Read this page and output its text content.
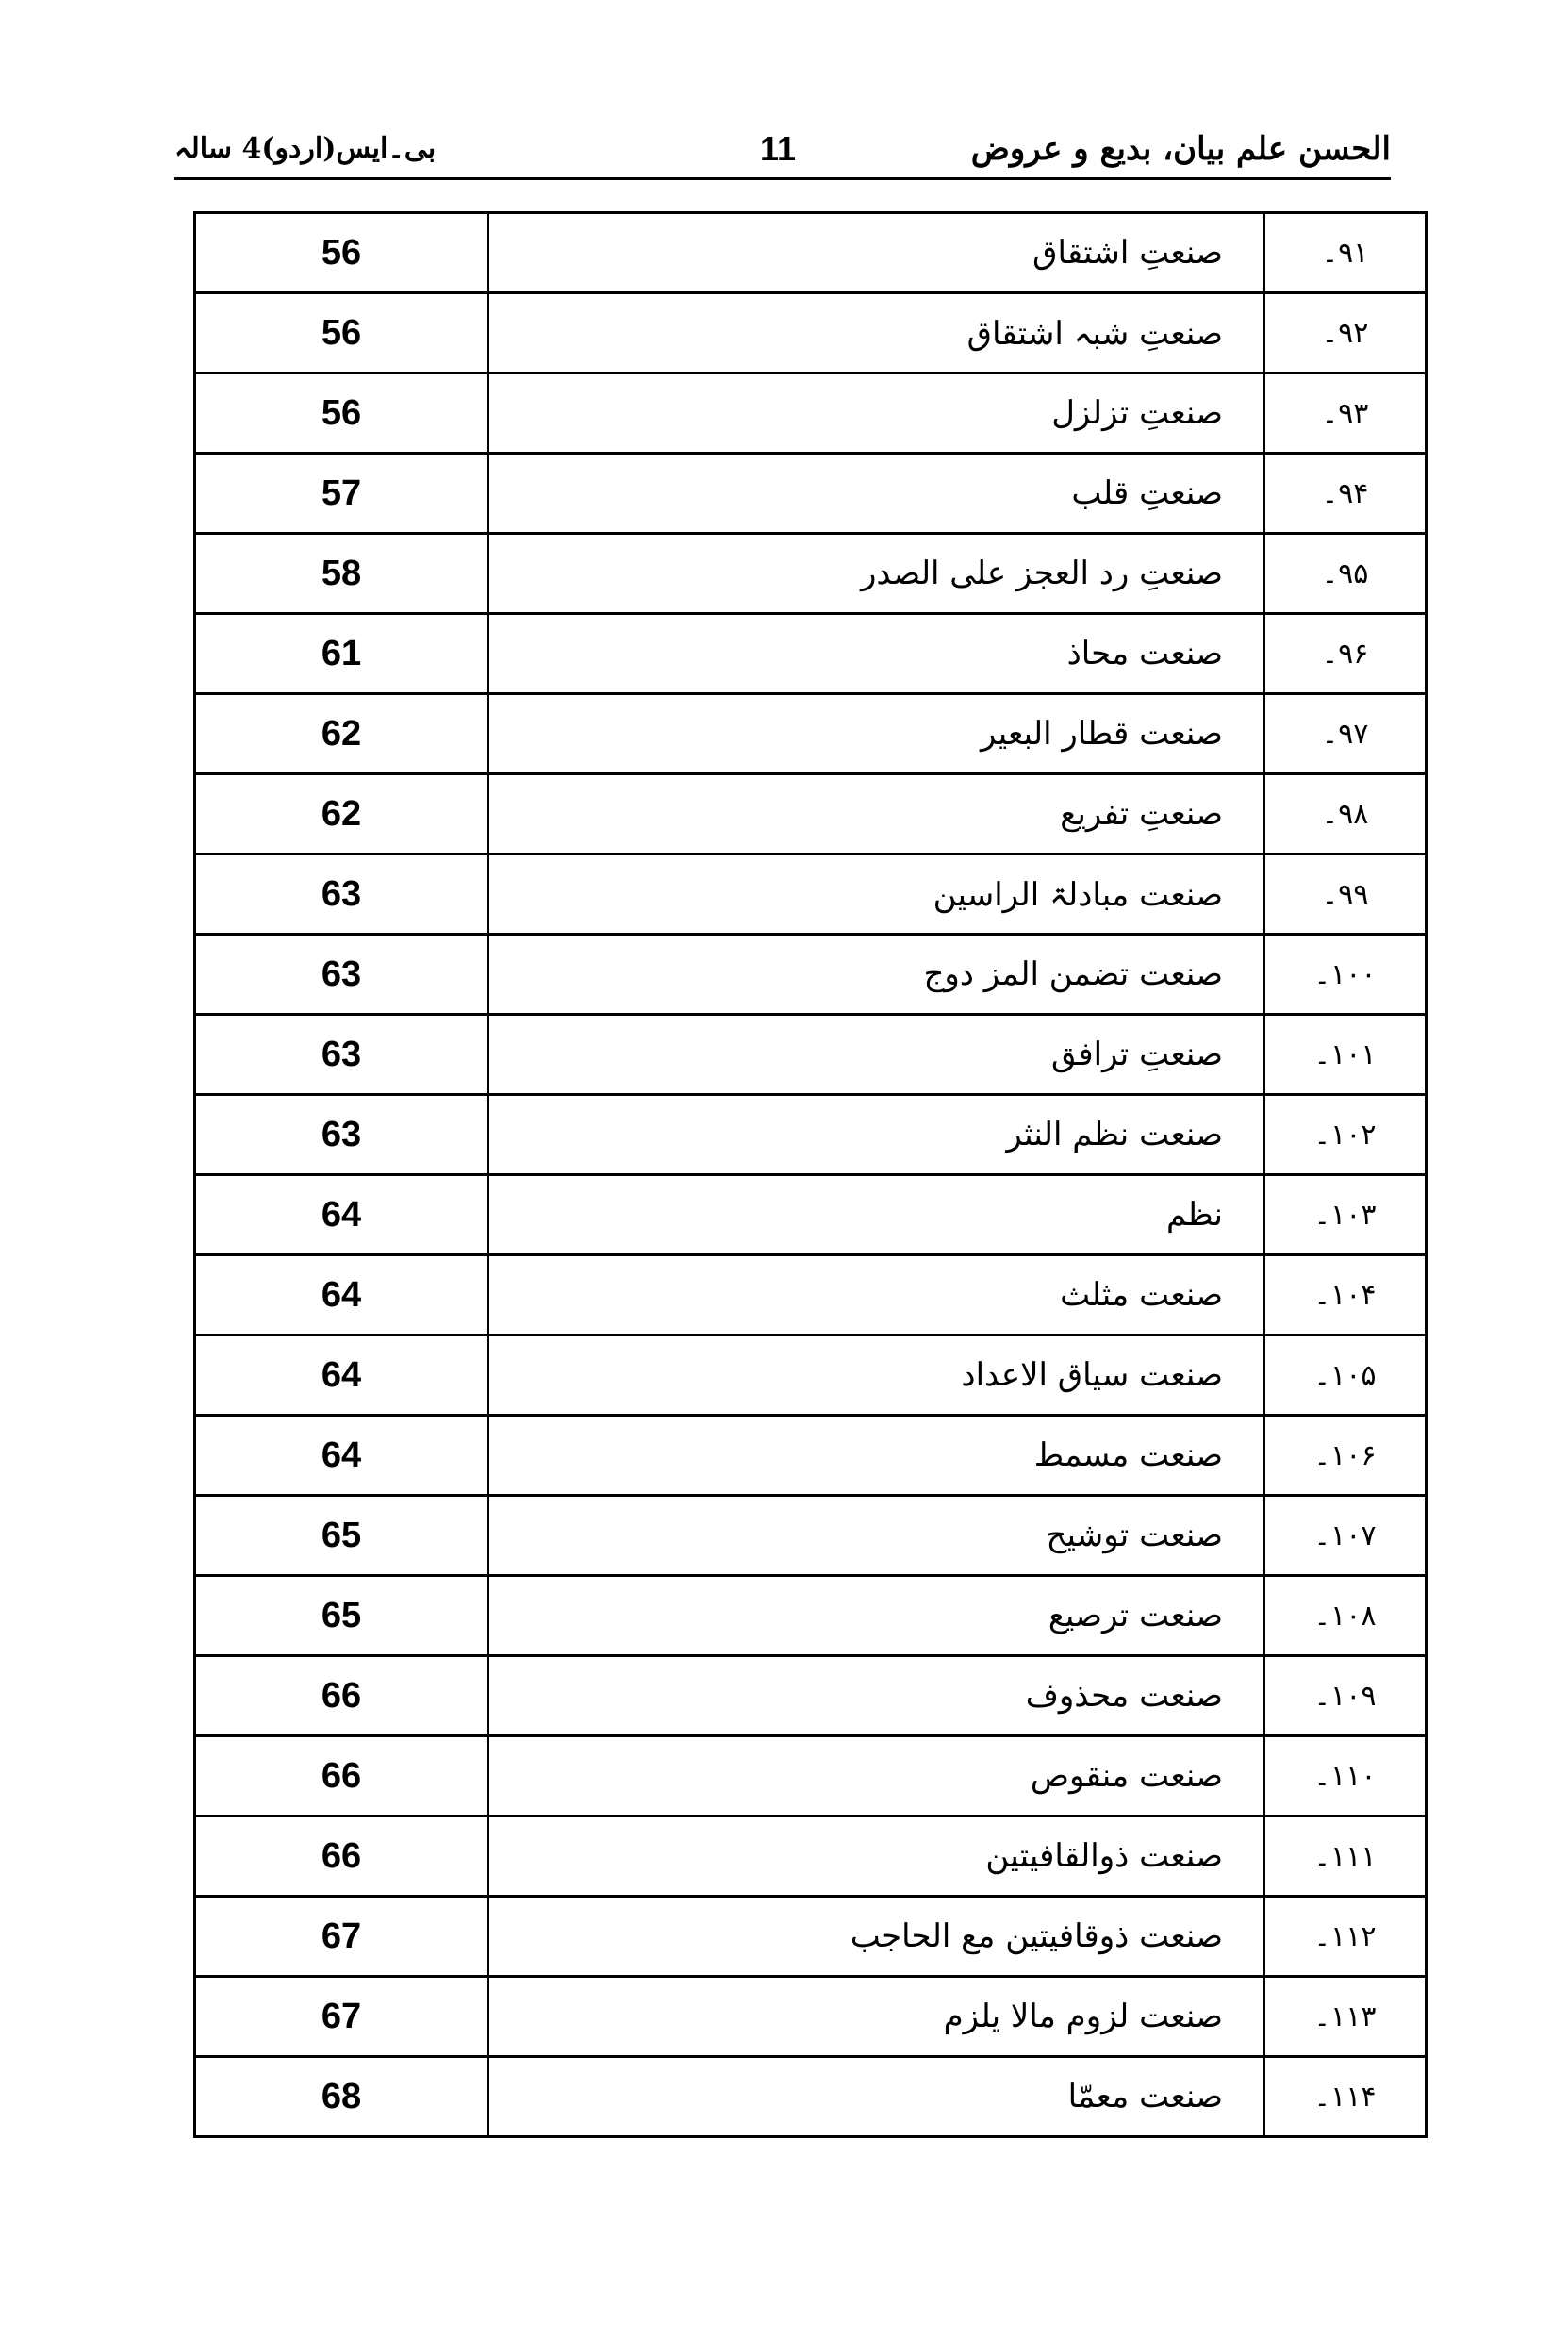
الحسن علم بیان، بدیع و عروض
11
بی۔ایس(اردو)4 سالہ
56	صنعتِ اشتقاق	۹۱۔
56	صنعتِ شبہ اشتقاق	۹۲۔
56	صنعتِ تزلزل	۹۳۔
57	صنعتِ قلب	۹۴۔
58	صنعتِ رد العجز علی الصدر	۹۵۔
61	صنعت محاذ	۹۶۔
62	صنعت قطار البعیر	۹۷۔
62	صنعتِ تفریع	۹۸۔
63	صنعت مبادلۃ الراسین	۹۹۔
63	صنعت تضمن المز دوج	۱۰۰۔
63	صنعتِ ترافق	۱۰۱۔
63	صنعت نظم النثر	۱۰۲۔
64	نظم	۱۰۳۔
64	صنعت مثلث	۱۰۴۔
64	صنعت سیاق الاعداد	۱۰۵۔
64	صنعت مسمط	۱۰۶۔
65	صنعت توشیح	۱۰۷۔
65	صنعت ترصیع	۱۰۸۔
66	صنعت محذوف	۱۰۹۔
66	صنعت منقوص	۱۱۰۔
66	صنعت ذوالقافیتین	۱۱۱۔
67	صنعت ذوقافیتین مع الحاجب	۱۱۲۔
67	صنعت لزوم مالا یلزم	۱۱۳۔
68	صنعت معمّا	۱۱۴۔
